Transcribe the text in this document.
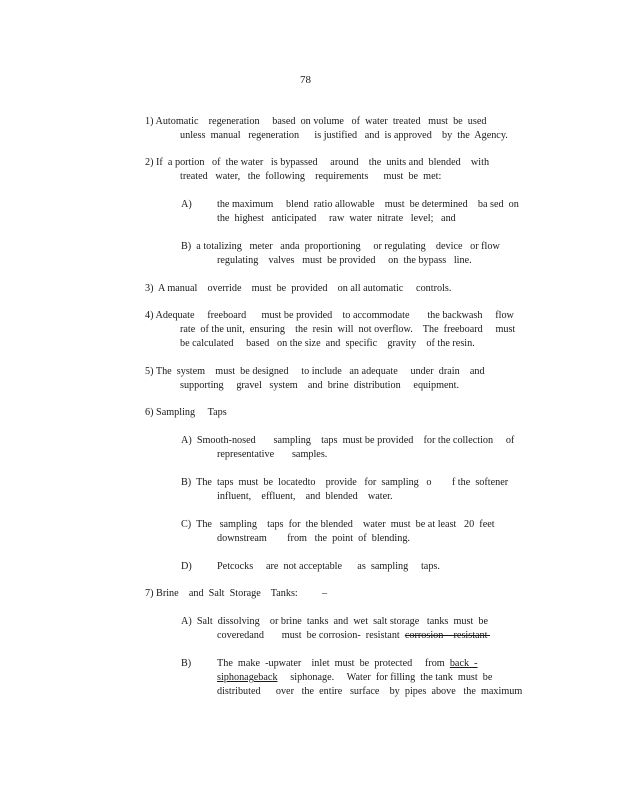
78
1) Automatic    regeneration     based  on volume   of  water  treated   must  be  used
unless  manual   regeneration      is justified   and  is approved    by  the  Agency.
2) If  a portion   of  the water   is bypassed     around    the  units and  blended    with
treated   water,   the  following    requirements      must  be  met:
A) the maximum     blend  ratio allowable    must  be determined    ba sed  on
the  highest   anticipated     raw  water  nitrate   level;   and
B)  a totalizing   meter   anda  proportioning     or regulating    device   or flow
regulating    valves   must  be provided     on  the bypass   line.
3)  A manual    override    must  be  provided    on all automatic     controls.
4) Adequate     freeboard      must be provided    to accommodate       the backwash     flow
rate  of the unit,  ensuring    the  resin  will  not overflow.    The  freeboard     must
be calculated     based   on the size  and  specific    gravity    of the resin.
5) The  system    must  be designed     to include   an adequate     under  drain    and
supporting     gravel   system    and  brine  distribution     equipment.
6) Sampling     Taps
A)  Smooth-nosed       sampling    taps  must be provided    for the collection     of
representative       samples.
B)  The  taps  must  be  locatedto    provide   for  sampling   o        f the  softener
influent,    effluent,    and  blended    water.
C)  The   sampling    taps  for  the blended    water  must  be at least   20  feet
downstream        from   the  point  of  blending.
D) Petcocks     are  not acceptable      as  sampling     taps.
7) Brine    and  Salt  Storage    Tanks: –
A)  Salt  dissolving    or brine  tanks  and  wet  salt storage   tanks  must  be
coveredand       must  be corrosion-  resistant  corrosion    resistant
B)	The  make  -upwater    inlet  must  be  protected     from  back  -
siphonageback     siphonage.     Water  for filling  the tank  must  be
distributed      over   the  entire   surface    by  pipes  above   the  maximum
